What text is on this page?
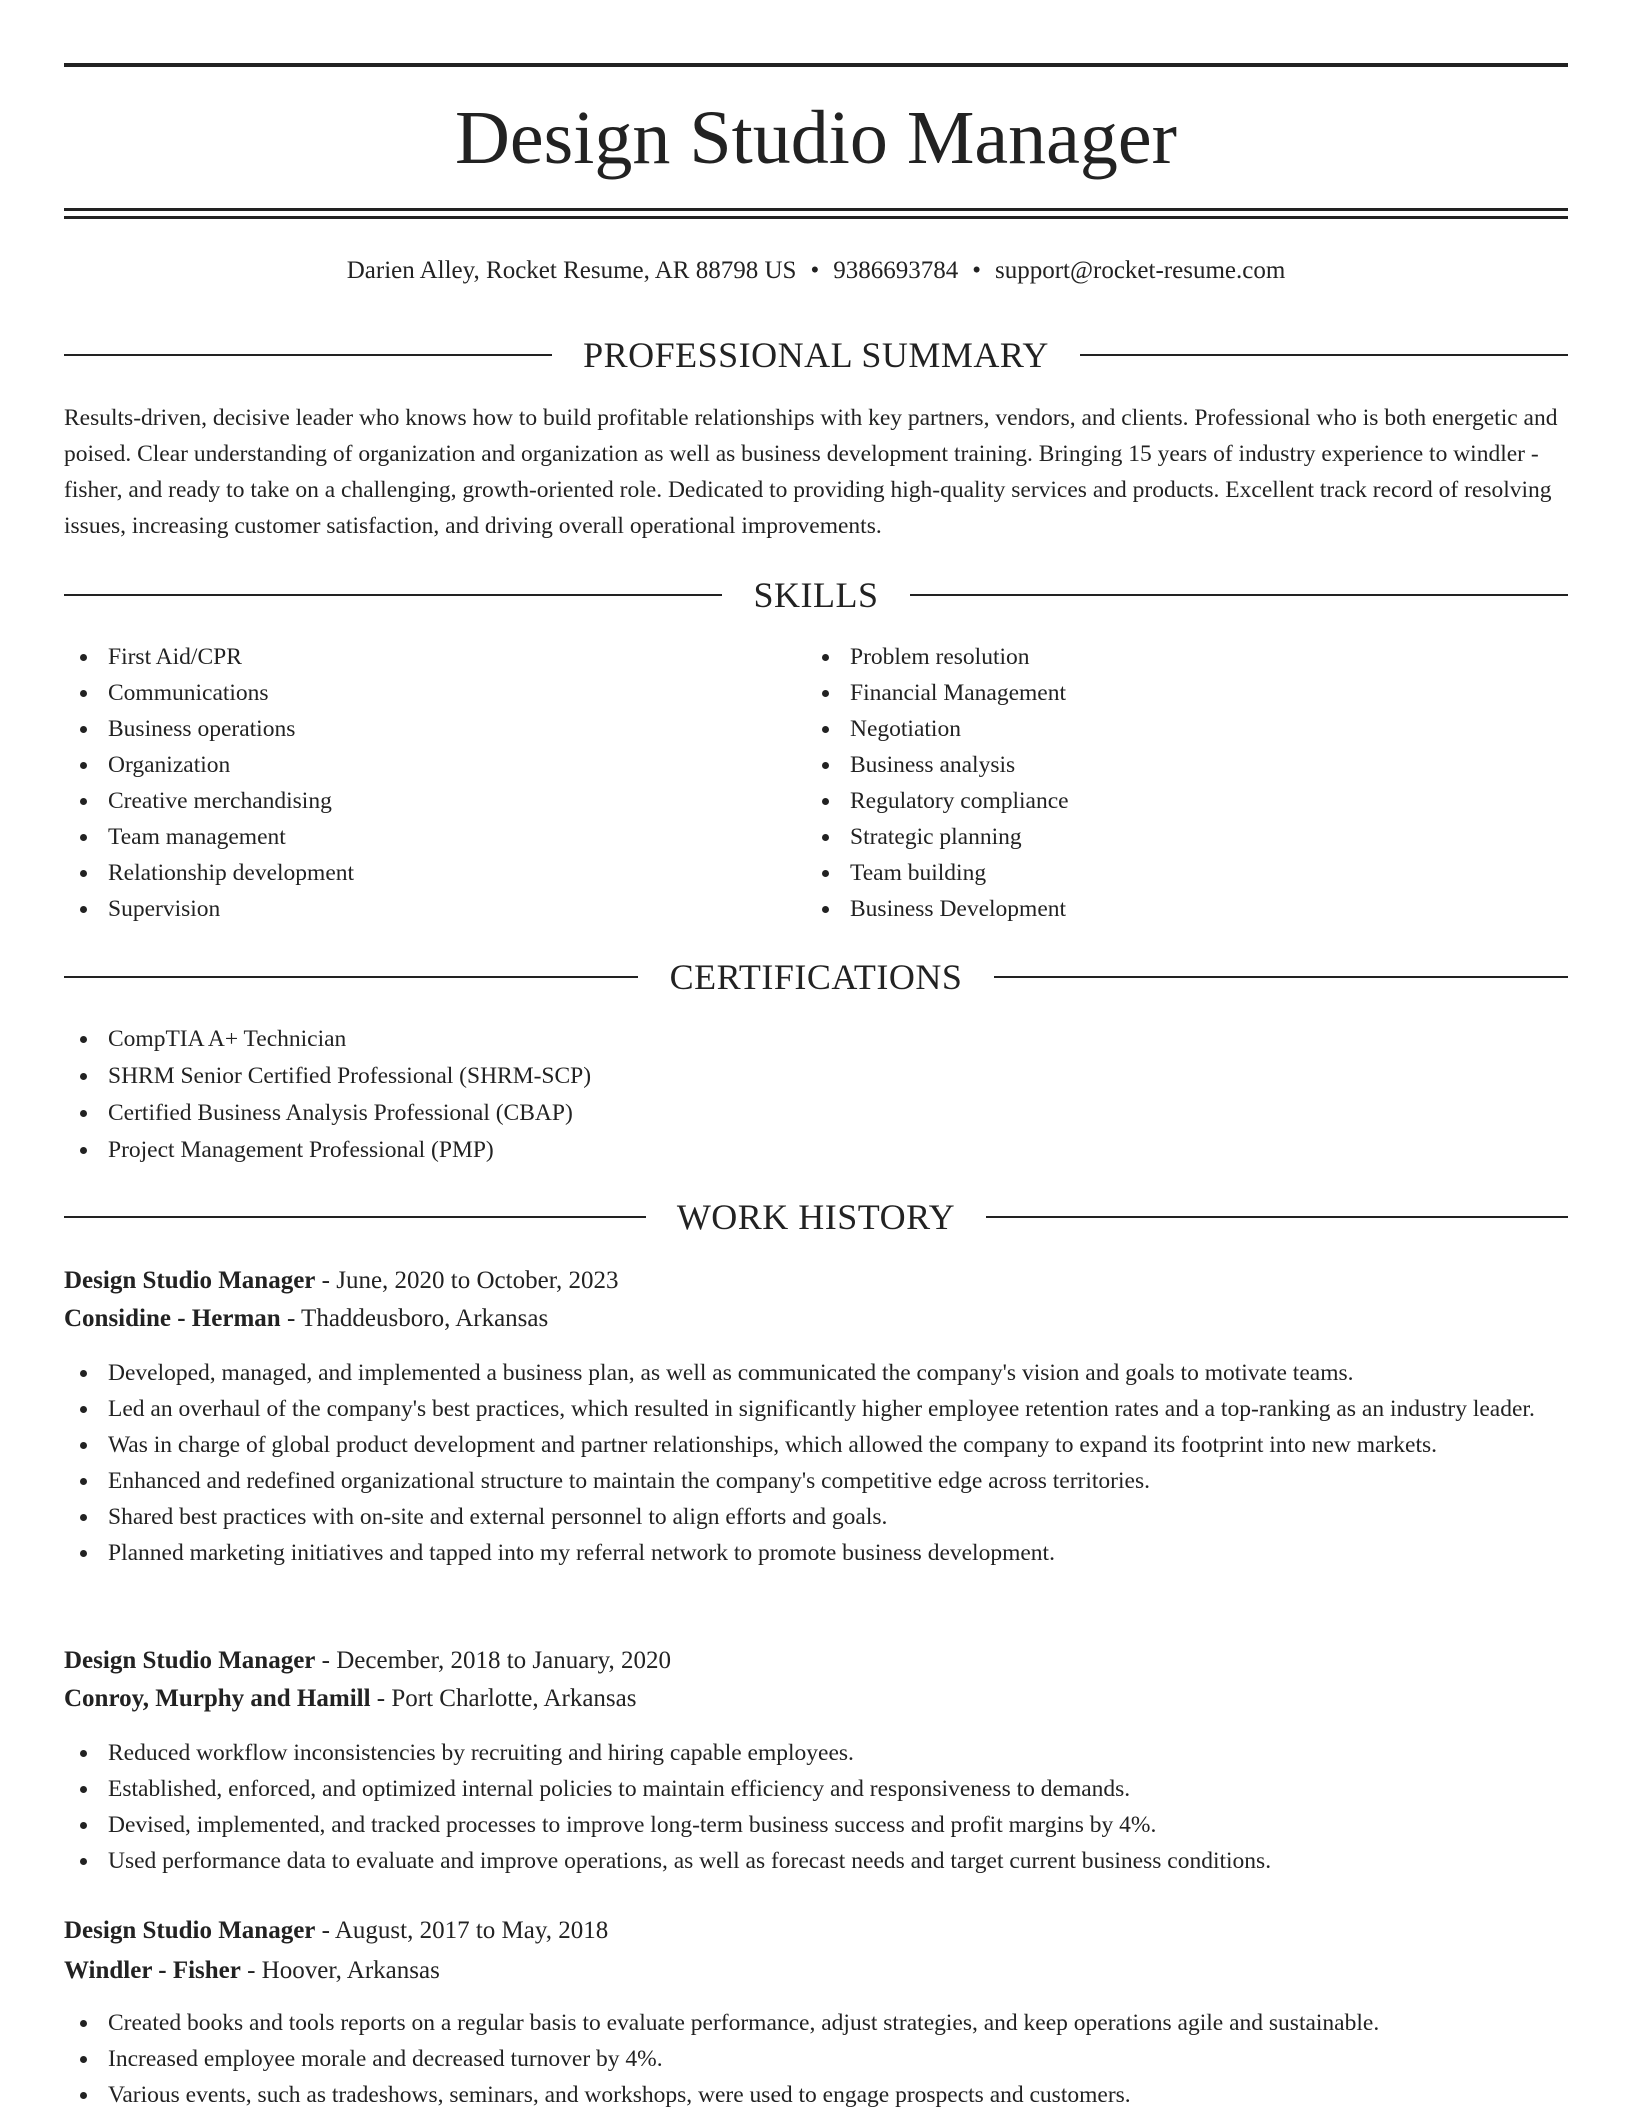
Design Studio Manager
Darien Alley, Rocket Resume, AR 88798 US • 9386693784 • support@rocket-resume.com
PROFESSIONAL SUMMARY
Results-driven, decisive leader who knows how to build profitable relationships with key partners, vendors, and clients. Professional who is both energetic and poised. Clear understanding of organization and organization as well as business development training. Bringing 15 years of industry experience to windler - fisher, and ready to take on a challenging, growth-oriented role. Dedicated to providing high-quality services and products. Excellent track record of resolving issues, increasing customer satisfaction, and driving overall operational improvements.
SKILLS
First Aid/CPR
Communications
Business operations
Organization
Creative merchandising
Team management
Relationship development
Supervision
Problem resolution
Financial Management
Negotiation
Business analysis
Regulatory compliance
Strategic planning
Team building
Business Development
CERTIFICATIONS
CompTIA A+ Technician
SHRM Senior Certified Professional (SHRM-SCP)
Certified Business Analysis Professional (CBAP)
Project Management Professional (PMP)
WORK HISTORY
Design Studio Manager - June, 2020 to October, 2023
Considine - Herman - Thaddeusboro, Arkansas
Developed, managed, and implemented a business plan, as well as communicated the company's vision and goals to motivate teams.
Led an overhaul of the company's best practices, which resulted in significantly higher employee retention rates and a top-ranking as an industry leader.
Was in charge of global product development and partner relationships, which allowed the company to expand its footprint into new markets.
Enhanced and redefined organizational structure to maintain the company's competitive edge across territories.
Shared best practices with on-site and external personnel to align efforts and goals.
Planned marketing initiatives and tapped into my referral network to promote business development.
Design Studio Manager - December, 2018 to January, 2020
Conroy, Murphy and Hamill - Port Charlotte, Arkansas
Reduced workflow inconsistencies by recruiting and hiring capable employees.
Established, enforced, and optimized internal policies to maintain efficiency and responsiveness to demands.
Devised, implemented, and tracked processes to improve long-term business success and profit margins by 4%.
Used performance data to evaluate and improve operations, as well as forecast needs and target current business conditions.
Design Studio Manager - August, 2017 to May, 2018
Windler - Fisher - Hoover, Arkansas
Created books and tools reports on a regular basis to evaluate performance, adjust strategies, and keep operations agile and sustainable.
Increased employee morale and decreased turnover by 4%.
Various events, such as tradeshows, seminars, and workshops, were used to engage prospects and customers.
